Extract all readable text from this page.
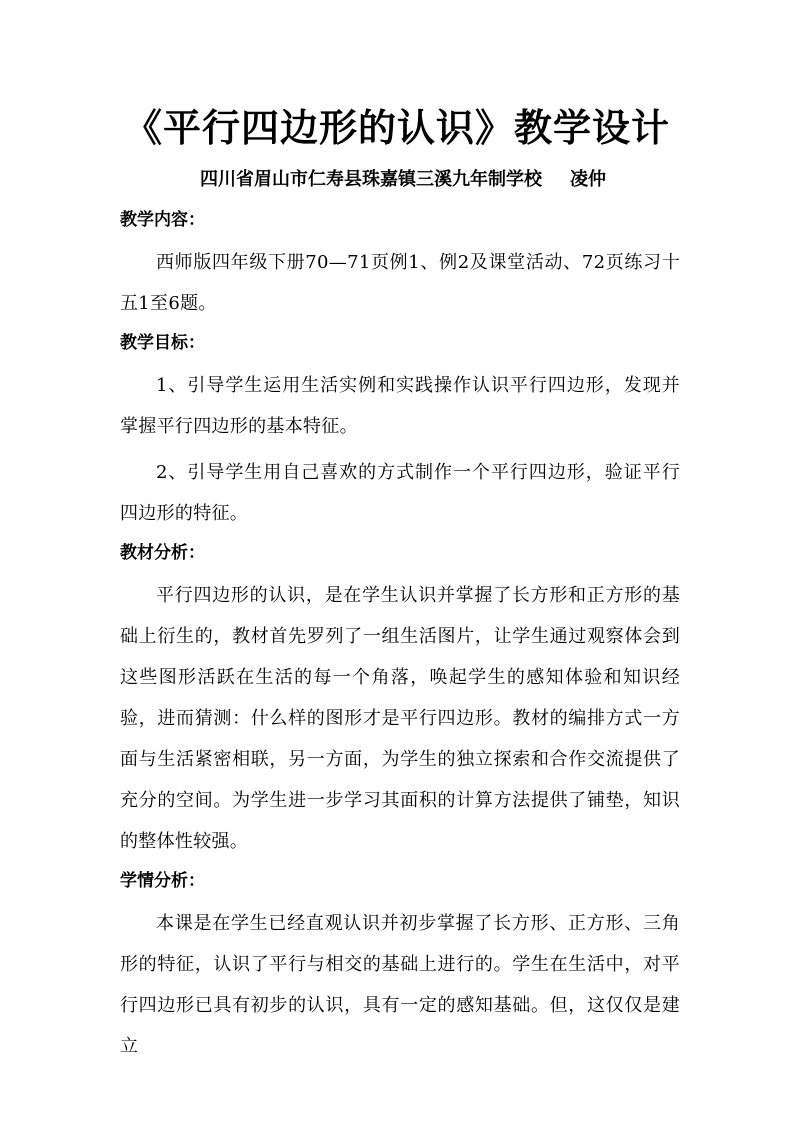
《平行四边形的认识》教学设计
四川省眉山市仁寿县珠嘉镇三溪九年制学校 凌仲
教学内容：

西师版四年级下册70—71页例1、例2及课堂活动、72页练习十五1至6题。

教学目标：

1、引导学生运用生活实例和实践操作认识平行四边形，发现并掌握平行四边形的基本特征。

2、引导学生用自己喜欢的方式制作一个平行四边形，验证平行四边形的特征。

教材分析：

平行四边形的认识，是在学生认识并掌握了长方形和正方形的基础上衍生的，教材首先罗列了一组生活图片，让学生通过观察体会到这些图形活跃在生活的每一个角落，唤起学生的感知体验和知识经验，进而猜测：什么样的图形才是平行四边形。教材的编排方式一方面与生活紧密相联，另一方面，为学生的独立探索和合作交流提供了充分的空间。为学生进一步学习其面积的计算方法提供了铺垫，知识的整体性较强。

学情分析：

本课是在学生已经直观认识并初步掌握了长方形、正方形、三角形的特征，认识了平行与相交的基础上进行的。学生在生活中，对平行四边形已具有初步的认识，具有一定的感知基础。但，这仅仅是建立
